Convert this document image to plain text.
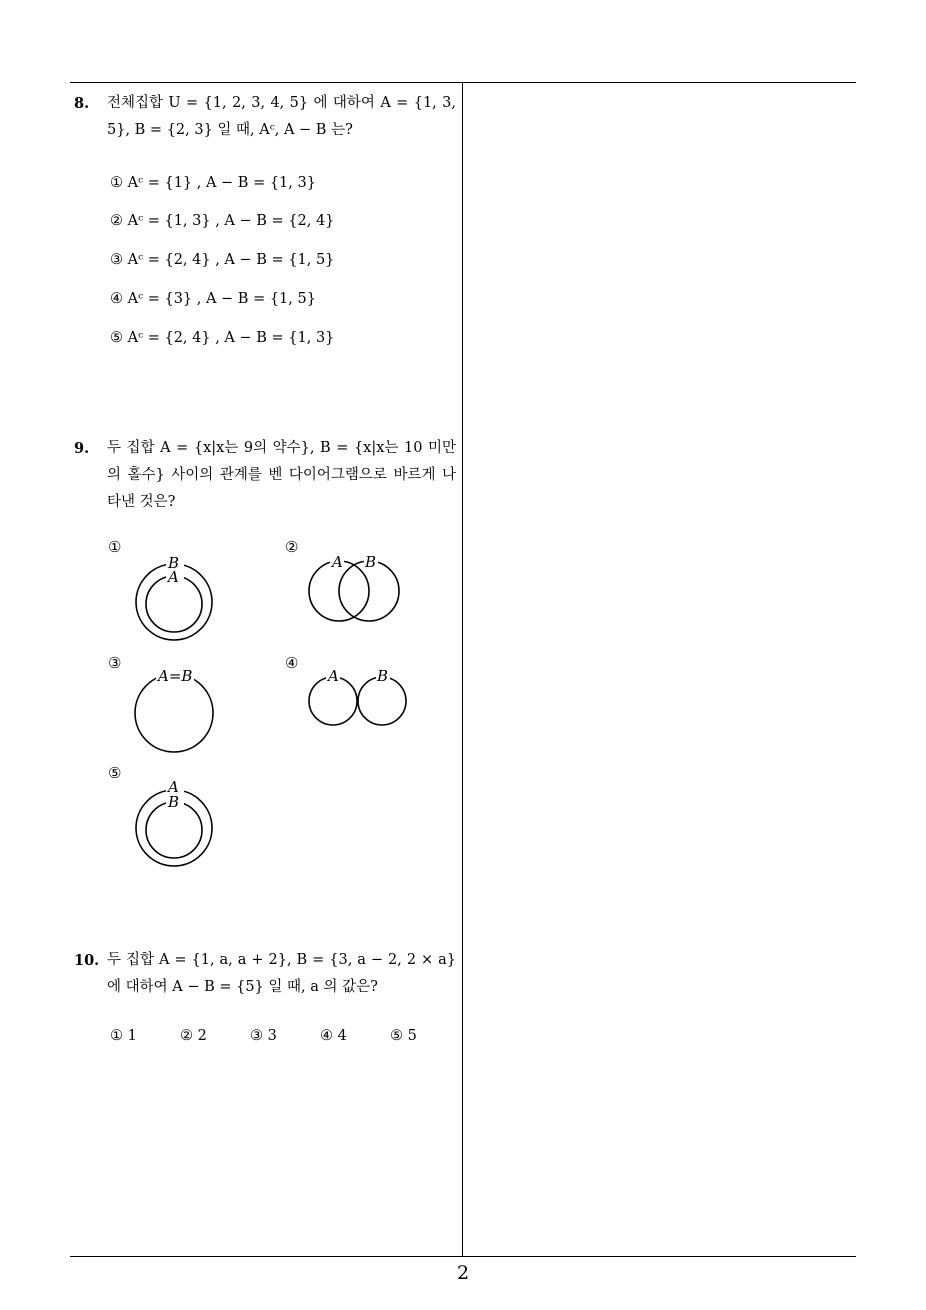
8. 전체집합 U = {1, 2, 3, 4, 5} 에 대하여 A = {1, 3, 5}, B = {2, 3} 일 때, Aᶜ, A − B 는?
① Aᶜ = {1} , A − B = {1, 3}
② Aᶜ = {1, 3} , A − B = {2, 4}
③ Aᶜ = {2, 4} , A − B = {1, 5}
④ Aᶜ = {3} , A − B = {1, 5}
⑤ Aᶜ = {2, 4} , A − B = {1, 3}
9. 두 집합 A = {x|x는 9의 약수}, B = {x|x는 10 미만의 홀수} 사이의 관계를 벤 다이어그램으로 바르게 나타낸 것은?
①
B
A
②
A B
③
A=B
④
A	B
⑤
A
B
10. 두 집합 A = {1, a, a + 2}, B = {3, a − 2, 2 × a} 에 대하여 A − B = {5} 일 때, a 의 값은?
① 1	② 2	③ 3	④ 4	⑤ 5
2
